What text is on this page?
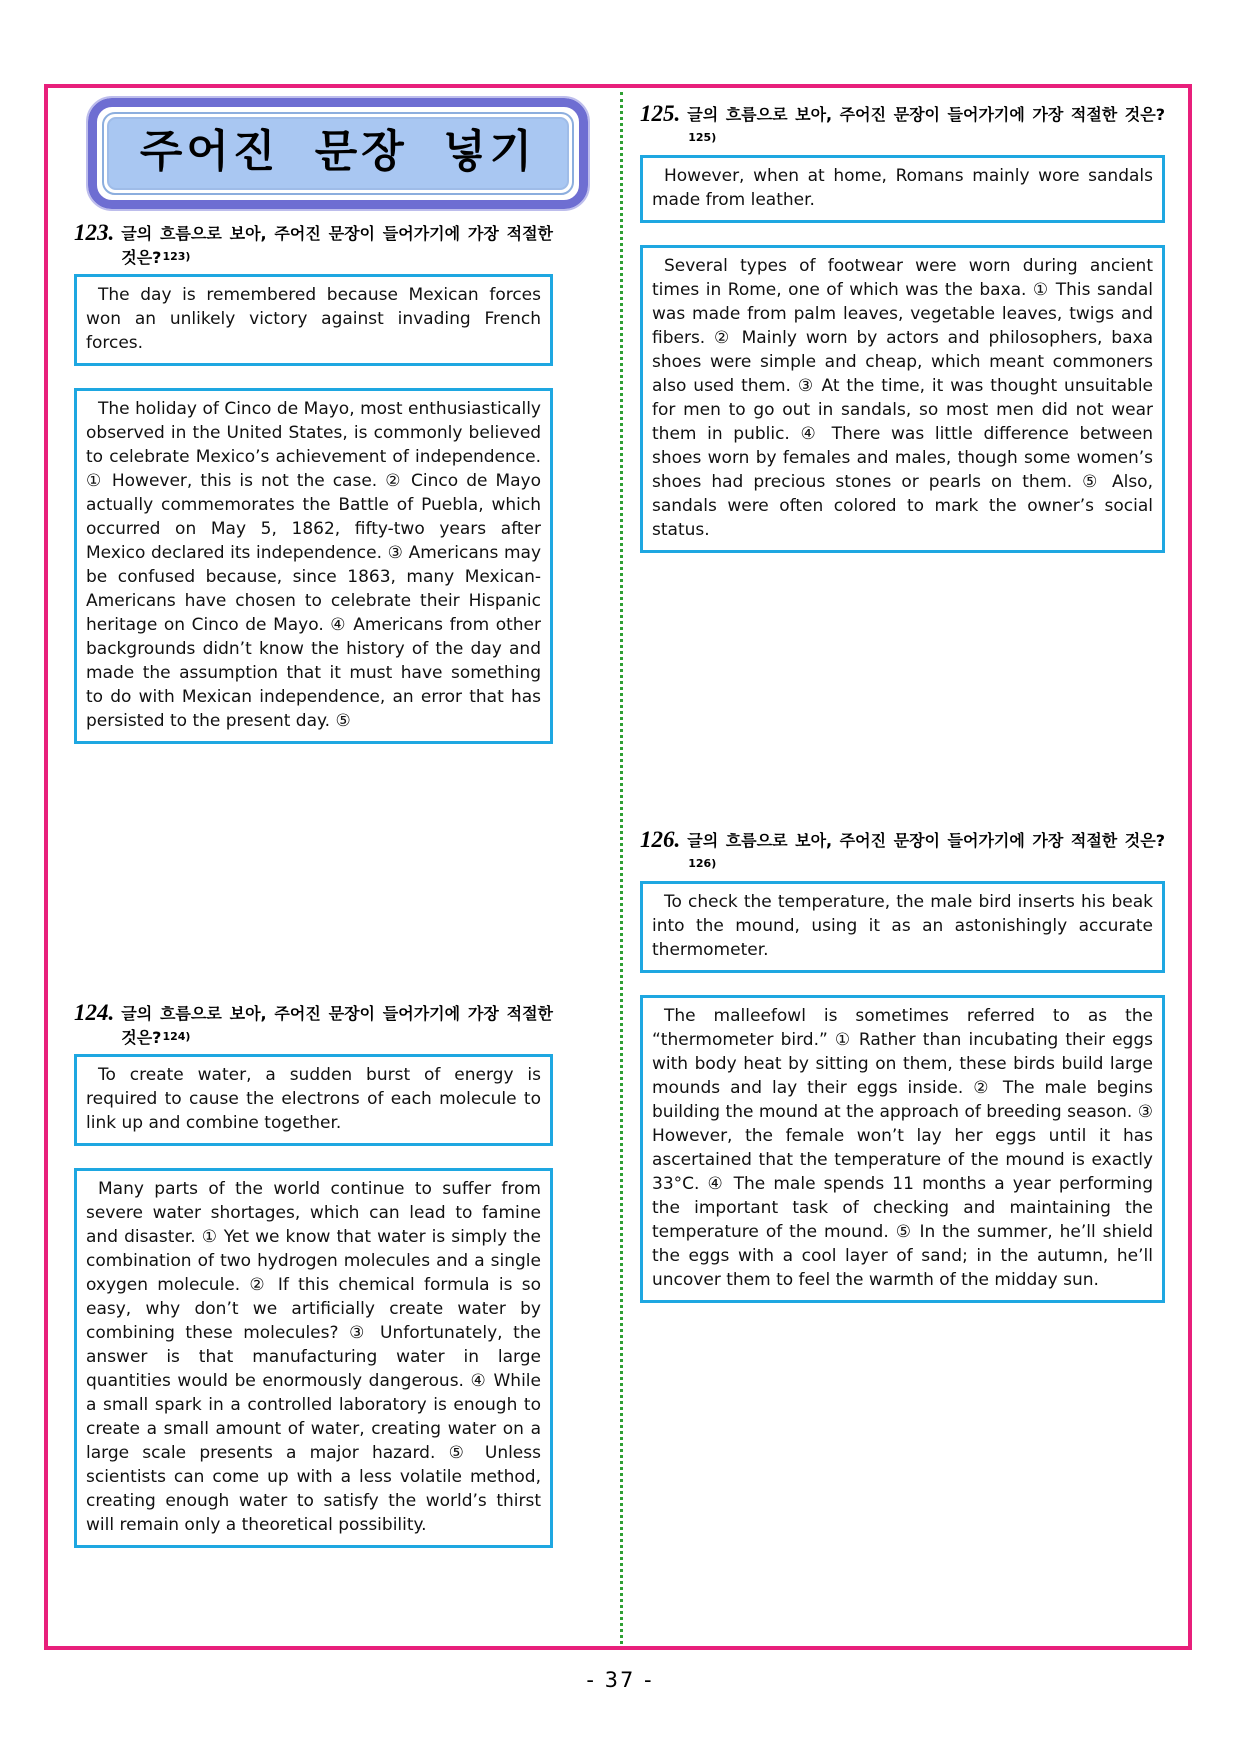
주어진 문장 넣기
123. 글의 흐름으로 보아, 주어진 문장이 들어가기에 가장 적절한 것은?$^{123)}$

The day is remembered because Mexican forces won an unlikely victory against invading French forces.
The holiday of Cinco de Mayo, most enthusiastically observed in the United States, is commonly believed to celebrate Mexico’s achievement of independence. ① However, this is not the case. ② Cinco de Mayo actually commemorates the Battle of Puebla, which occurred on May 5, 1862, fifty-two years after Mexico declared its independence. ③ Americans may be confused because, since 1863, many Mexican-Americans have chosen to celebrate their Hispanic heritage on Cinco de Mayo. ④ Americans from other backgrounds didn’t know the history of the day and made the assumption that it must have something to do with Mexican independence, an error that has persisted to the present day. ⑤
124. 글의 흐름으로 보아, 주어진 문장이 들어가기에 가장 적절한 것은?$^{124)}$

To create water, a sudden burst of energy is required to cause the electrons of each molecule to link up and combine together.
Many parts of the world continue to suffer from severe water shortages, which can lead to famine and disaster. ① Yet we know that water is simply the combination of two hydrogen molecules and a single oxygen molecule. ② If this chemical formula is so easy, why don’t we artificially create water by combining these molecules? ③ Unfortunately, the answer is that manufacturing water in large quantities would be enormously dangerous. ④ While a small spark in a controlled laboratory is enough to create a small amount of water, creating water on a large scale presents a major hazard. ⑤ Unless scientists can come up with a less volatile method, creating enough water to satisfy the world’s thirst will remain only a theoretical possibility.
125. 글의 흐름으로 보아, 주어진 문장이 들어가기에 가장 적절한 것은?$^{125)}$

However, when at home, Romans mainly wore sandals made from leather.
Several types of footwear were worn during ancient times in Rome, one of which was the baxa. ① This sandal was made from palm leaves, vegetable leaves, twigs and fibers. ② Mainly worn by actors and philosophers, baxa shoes were simple and cheap, which meant commoners also used them. ③ At the time, it was thought unsuitable for men to go out in sandals, so most men did not wear them in public. ④ There was little difference between shoes worn by females and males, though some women’s shoes had precious stones or pearls on them. ⑤ Also, sandals were often colored to mark the owner’s social status.
126. 글의 흐름으로 보아, 주어진 문장이 들어가기에 가장 적절한 것은?$^{126)}$

To check the temperature, the male bird inserts his beak into the mound, using it as an astonishingly accurate thermometer.
The malleefowl is sometimes referred to as the “thermometer bird.” ① Rather than incubating their eggs with body heat by sitting on them, these birds build large mounds and lay their eggs inside. ② The male begins building the mound at the approach of breeding season. ③ However, the female won’t lay her eggs until it has ascertained that the temperature of the mound is exactly 33°C. ④ The male spends 11 months a year performing the important task of checking and maintaining the temperature of the mound. ⑤ In the summer, he’ll shield the eggs with a cool layer of sand; in the autumn, he’ll uncover them to feel the warmth of the midday sun.
- 37 -
